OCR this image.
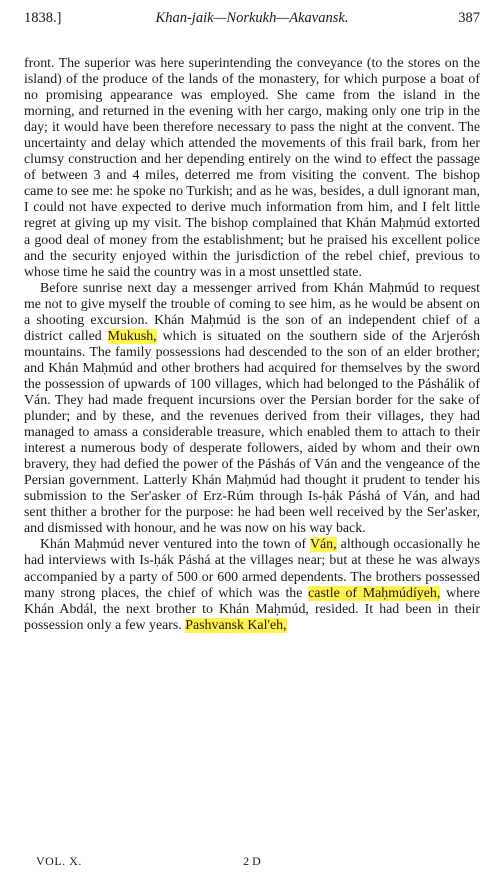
1838.]	Khan-jaik—Norkukh—Akavansk.	387

front. The superior was here superintending the conveyance (to the stores on the island) of the produce of the lands of the monastery, for which purpose a boat of no promising appearance was employed. She came from the island in the morning, and returned in the evening with her cargo, making only one trip in the day; it would have been therefore necessary to pass the night at the convent. The uncertainty and delay which attended the movements of this frail bark, from her clumsy construction and her depending entirely on the wind to effect the passage of between 3 and 4 miles, deterred me from visiting the convent. The bishop came to see me: he spoke no Turkish; and as he was, besides, a dull ignorant man, I could not have expected to derive much information from him, and I felt little regret at giving up my visit. The bishop complained that Khán Maḥmúd extorted a good deal of money from the establishment; but he praised his excellent police and the security enjoyed within the jurisdiction of the rebel chief, previous to whose time he said the country was in a most unsettled state.

Before sunrise next day a messenger arrived from Khán Maḥmúd to request me not to give myself the trouble of coming to see him, as he would be absent on a shooting excursion. Khán Maḥmúd is the son of an independent chief of a district called Mukush, which is situated on the southern side of the Arjerósh mountains. The family possessions had descended to the son of an elder brother; and Khán Maḥmúd and other brothers had acquired for themselves by the sword the possession of upwards of 100 villages, which had belonged to the Páshálik of Ván. They had made frequent incursions over the Persian border for the sake of plunder; and by these, and the revenues derived from their villages, they had managed to amass a considerable treasure, which enabled them to attach to their interest a numerous body of desperate followers, aided by whom and their own bravery, they had defied the power of the Páshás of Ván and the vengeance of the Persian government. Latterly Khán Maḥmúd had thought it prudent to tender his submission to the Ser'asker of Erz-Rúm through Is-ḥák Páshá of Ván, and had sent thither a brother for the purpose: he had been well received by the Ser'asker, and dismissed with honour, and he was now on his way back.

Khán Maḥmúd never ventured into the town of Ván, although occasionally he had interviews with Is-ḥák Páshá at the villages near; but at these he was always accompanied by a party of 500 or 600 armed dependents. The brothers possessed many strong places, the chief of which was the castle of Maḥmúdíyeh, where Khán Abdál, the next brother to Khán Maḥmúd, resided. It had been in their possession only a few years. Pashvansk Kal'eh,

VOL. X.	2 D
